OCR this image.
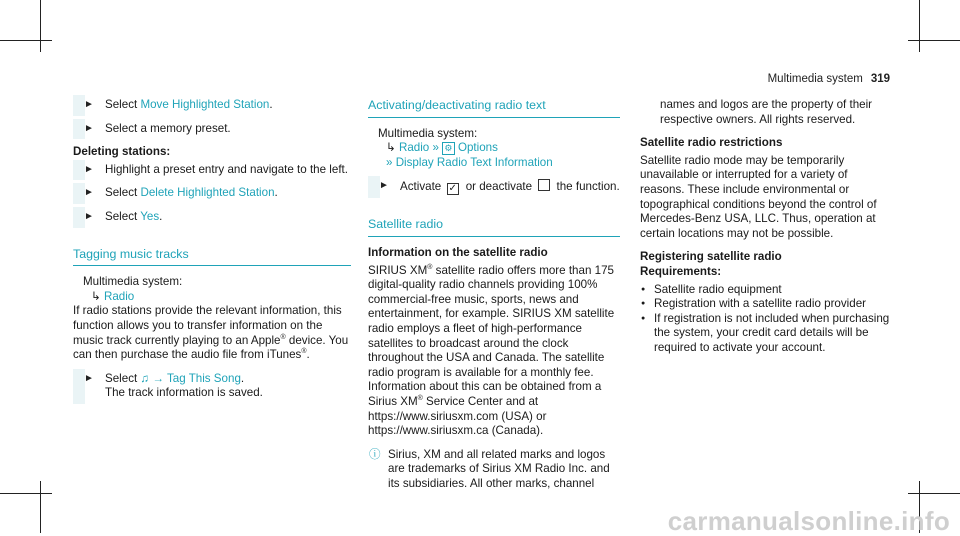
Multimedia system 319
► Select Move Highlighted Station.
► Select a memory preset.
Deleting stations:
► Highlight a preset entry and navigate to the left.
► Select Delete Highlighted Station.
► Select Yes.
Tagging music tracks
Multimedia system:
↳ Radio
If radio stations provide the relevant information, this function allows you to transfer information on the music track currently playing to an Apple® device. You can then purchase the audio file from iTunes®.
► Select ♫ → Tag This Song.
The track information is saved.
Activating/deactivating radio text
Multimedia system:
↳ Radio » ⚙ Options
» Display Radio Text Information
► Activate ✓ or deactivate  the function.
Satellite radio
Information on the satellite radio
SIRIUS XM® satellite radio offers more than 175 digital-quality radio channels providing 100% commercial-free music, sports, news and entertainment, for example. SIRIUS XM satellite radio employs a fleet of high-performance satellites to broadcast around the clock throughout the USA and Canada. The satellite radio program is available for a monthly fee. Information about this can be obtained from a Sirius XM® Service Center and at https://www.siriusxm.com (USA) or https://www.siriusxm.ca (Canada).
ⓘ Sirius, XM and all related marks and logos are trademarks of Sirius XM Radio Inc. and its subsidiaries. All other marks, channel
names and logos are the property of their respective owners. All rights reserved.
Satellite radio restrictions
Satellite radio mode may be temporarily unavailable or interrupted for a variety of reasons. These include environmental or topographical conditions beyond the control of Mercedes-Benz USA, LLC. Thus, operation at certain locations may not be possible.
Registering satellite radio
Requirements:
● Satellite radio equipment
● Registration with a satellite radio provider
● If registration is not included when purchasing the system, your credit card details will be required to activate your account.
carmanualsonline.info
